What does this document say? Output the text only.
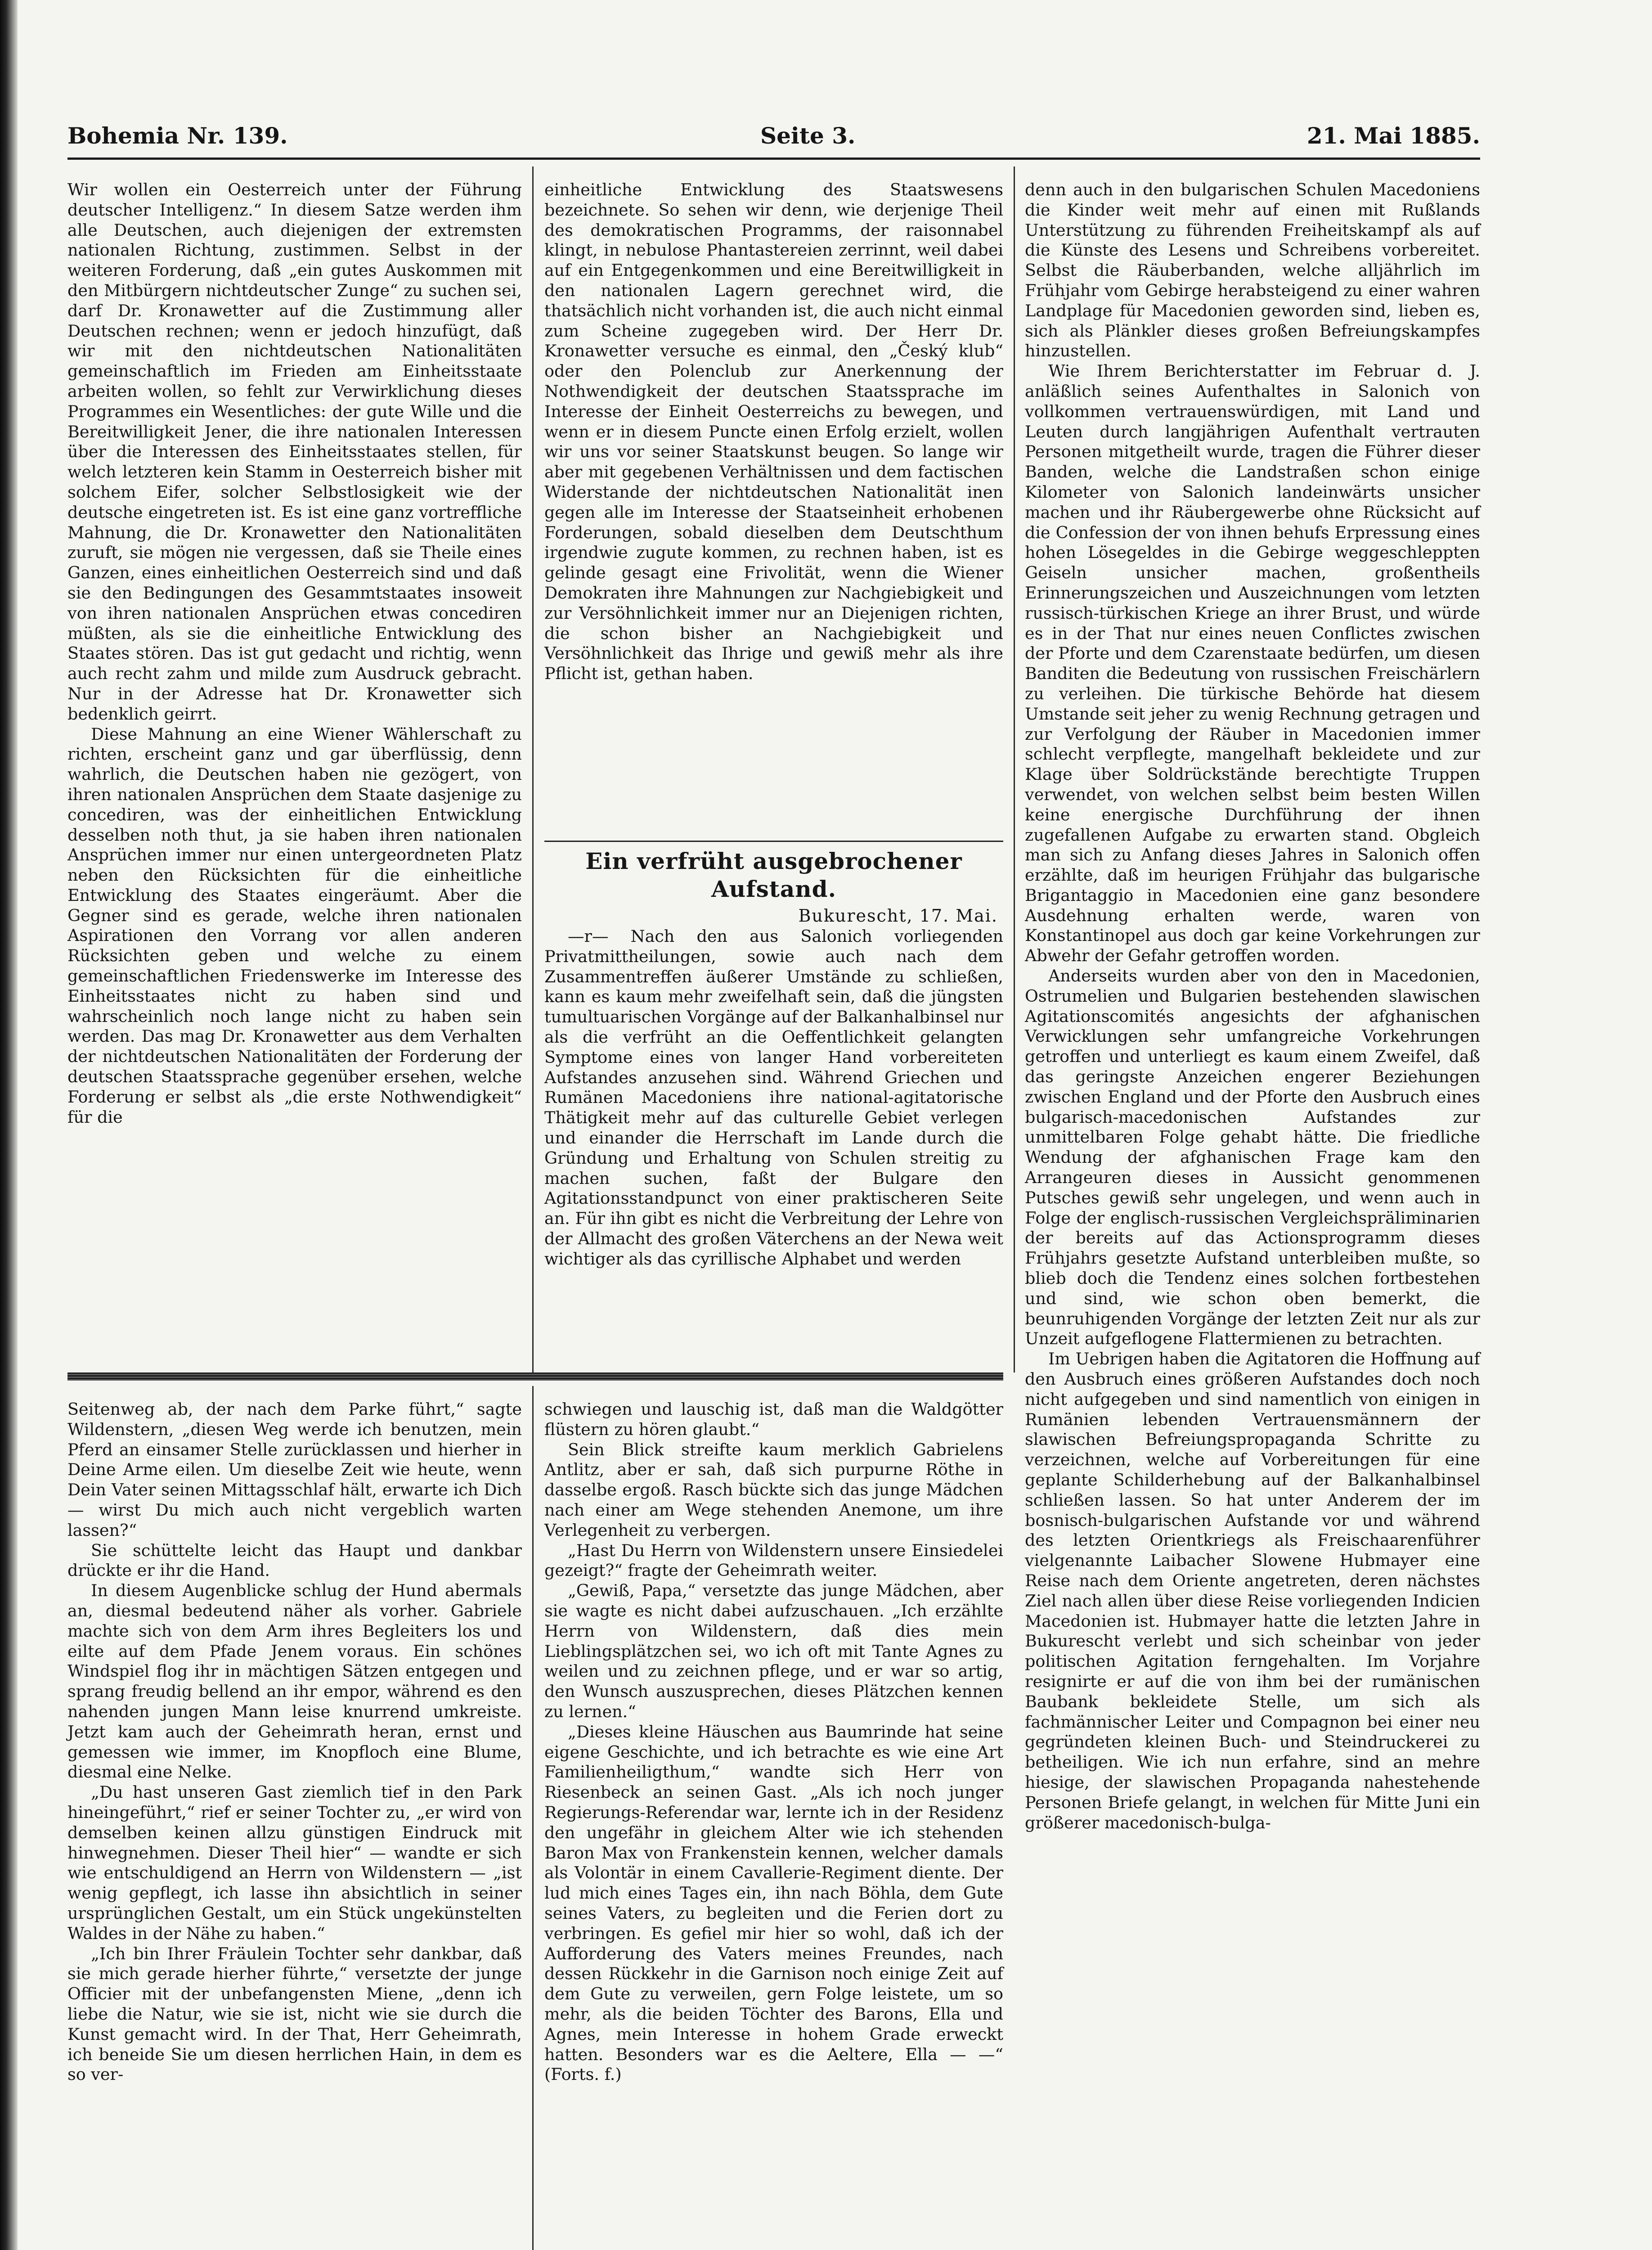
Bohemia Nr. 139.	Seite 3.	21. Mai 1885.

Wir wollen ein Oesterreich unter der Führung deutscher Intelligenz.“ In diesem Satze werden ihm alle Deutschen, auch diejenigen der extremsten nationalen Richtung, zustimmen. Selbst in der weiteren Forderung, daß „ein gutes Auskommen mit den Mitbürgern nichtdeutscher Zunge“ zu suchen sei, darf Dr. Kronawetter auf die Zustimmung aller Deutschen rechnen; wenn er jedoch hinzufügt, daß wir mit den nichtdeutschen Nationalitäten gemeinschaftlich im Frieden am Einheitsstaate arbeiten wollen, so fehlt zur Verwirklichung dieses Programmes ein Wesentliches: der gute Wille und die Bereitwilligkeit Jener, die ihre nationalen Interessen über die Interessen des Einheitsstaates stellen, für welch letzteren kein Stamm in Oesterreich bisher mit solchem Eifer, solcher Selbstlosigkeit wie der deutsche eingetreten ist. Es ist eine ganz vortreffliche Mahnung, die Dr. Kronawetter den Nationalitäten zuruft, sie mögen nie vergessen, daß sie Theile eines Ganzen, eines einheitlichen Oesterreich sind und daß sie den Bedingungen des Gesammtstaates insoweit von ihren nationalen Ansprüchen etwas concediren müßten, als sie die einheitliche Entwicklung des Staates stören. Das ist gut gedacht und richtig, wenn auch recht zahm und milde zum Ausdruck gebracht. Nur in der Adresse hat Dr. Kronawetter sich bedenklich geirrt.

Diese Mahnung an eine Wiener Wählerschaft zu richten, erscheint ganz und gar überflüssig, denn wahrlich, die Deutschen haben nie gezögert, von ihren nationalen Ansprüchen dem Staate dasjenige zu concediren, was der einheitlichen Entwicklung desselben noth thut, ja sie haben ihren nationalen Ansprüchen immer nur einen untergeordneten Platz neben den Rücksichten für die einheitliche Entwicklung des Staates eingeräumt. Aber die Gegner sind es gerade, welche ihren nationalen Aspirationen den Vorrang vor allen anderen Rücksichten geben und welche zu einem gemeinschaftlichen Friedenswerke im Interesse des Einheitsstaates nicht zu haben sind und wahrscheinlich noch lange nicht zu haben sein werden. Das mag Dr. Kronawetter aus dem Verhalten der nichtdeutschen Nationalitäten der Forderung der deutschen Staatssprache gegenüber ersehen, welche Forderung er selbst als „die erste Nothwendigkeit“ für die

einheitliche Entwicklung des Staatswesens bezeichnete. So sehen wir denn, wie derjenige Theil des demokratischen Programms, der raisonnabel klingt, in nebulose Phantastereien zerrinnt, weil dabei auf ein Entgegenkommen und eine Bereitwilligkeit in den nationalen Lagern gerechnet wird, die thatsächlich nicht vorhanden ist, die auch nicht einmal zum Scheine zugegeben wird. Der Herr Dr. Kronawetter versuche es einmal, den „Český klub“ oder den Polenclub zur Anerkennung der Nothwendigkeit der deutschen Staatssprache im Interesse der Einheit Oesterreichs zu bewegen, und wenn er in diesem Puncte einen Erfolg erzielt, wollen wir uns vor seiner Staatskunst beugen. So lange wir aber mit gegebenen Verhältnissen und dem factischen Widerstande der nichtdeutschen Nationalität inen gegen alle im Interesse der Staatseinheit erhobenen Forderungen, sobald dieselben dem Deutschthum irgendwie zugute kommen, zu rechnen haben, ist es gelinde gesagt eine Frivolität, wenn die Wiener Demokraten ihre Mahnungen zur Nachgiebigkeit und zur Versöhnlichkeit immer nur an Diejenigen richten, die schon bisher an Nachgiebigkeit und Versöhnlichkeit das Ihrige und gewiß mehr als ihre Pflicht ist, gethan haben.

Ein verfrüht ausgebrochener Aufstand.
Bukurescht, 17. Mai.

—r— Nach den aus Salonich vorliegenden Privatmittheilungen, sowie auch nach dem Zusammentreffen äußerer Umstände zu schließen, kann es kaum mehr zweifelhaft sein, daß die jüngsten tumultuarischen Vorgänge auf der Balkanhalbinsel nur als die verfrüht an die Oeffentlichkeit gelangten Symptome eines von langer Hand vorbereiteten Aufstandes anzusehen sind. Während Griechen und Rumänen Macedoniens ihre national-agitatorische Thätigkeit mehr auf das culturelle Gebiet verlegen und einander die Herrschaft im Lande durch die Gründung und Erhaltung von Schulen streitig zu machen suchen, faßt der Bulgare den Agitationsstandpunct von einer praktischeren Seite an. Für ihn gibt es nicht die Verbreitung der Lehre von der Allmacht des großen Väterchens an der Newa weit wichtiger als das cyrillische Alphabet und werden

denn auch in den bulgarischen Schulen Macedoniens die Kinder weit mehr auf einen mit Rußlands Unterstützung zu führenden Freiheitskampf als auf die Künste des Lesens und Schreibens vorbereitet. Selbst die Räuberbanden, welche alljährlich im Frühjahr vom Gebirge herabsteigend zu einer wahren Landplage für Macedonien geworden sind, lieben es, sich als Plänkler dieses großen Befreiungskampfes hinzustellen.

Wie Ihrem Berichterstatter im Februar d. J. anläßlich seines Aufenthaltes in Salonich von vollkommen vertrauenswürdigen, mit Land und Leuten durch langjährigen Aufenthalt vertrauten Personen mitgetheilt wurde, tragen die Führer dieser Banden, welche die Landstraßen schon einige Kilometer von Salonich landeinwärts unsicher machen und ihr Räubergewerbe ohne Rücksicht auf die Confession der von ihnen behufs Erpressung eines hohen Lösegeldes in die Gebirge weggeschleppten Geiseln unsicher machen, großentheils Erinnerungszeichen und Auszeichnungen vom letzten russisch-türkischen Kriege an ihrer Brust, und würde es in der That nur eines neuen Conflictes zwischen der Pforte und dem Czarenstaate bedürfen, um diesen Banditen die Bedeutung von russischen Freischärlern zu verleihen. Die türkische Behörde hat diesem Umstande seit jeher zu wenig Rechnung getragen und zur Verfolgung der Räuber in Macedonien immer schlecht verpflegte, mangelhaft bekleidete und zur Klage über Soldrückstände berechtigte Truppen verwendet, von welchen selbst beim besten Willen keine energische Durchführung der ihnen zugefallenen Aufgabe zu erwarten stand. Obgleich man sich zu Anfang dieses Jahres in Salonich offen erzählte, daß im heurigen Frühjahr das bulgarische Brigantaggio in Macedonien eine ganz besondere Ausdehnung erhalten werde, waren von Konstantinopel aus doch gar keine Vorkehrungen zur Abwehr der Gefahr getroffen worden.

Anderseits wurden aber von den in Macedonien, Ostrumelien und Bulgarien bestehenden slawischen Agitationscomités angesichts der afghanischen Verwicklungen sehr umfangreiche Vorkehrungen getroffen und unterliegt es kaum einem Zweifel, daß das geringste Anzeichen engerer Beziehungen zwischen England und der Pforte den Ausbruch eines bulgarisch-macedonischen Aufstandes zur unmittelbaren Folge gehabt hätte. Die friedliche Wendung der afghanischen Frage kam den Arrangeuren dieses in Aussicht genommenen Putsches gewiß sehr ungelegen, und wenn auch in Folge der englisch-russischen Vergleichspräliminarien der bereits auf das Actionsprogramm dieses Frühjahrs gesetzte Aufstand unterbleiben mußte, so blieb doch die Tendenz eines solchen fortbestehen und sind, wie schon oben bemerkt, die beunruhigenden Vorgänge der letzten Zeit nur als zur Unzeit aufgeflogene Flattermienen zu betrachten.

Im Uebrigen haben die Agitatoren die Hoffnung auf den Ausbruch eines größeren Aufstandes doch noch nicht aufgegeben und sind namentlich von einigen in Rumänien lebenden Vertrauensmännern der slawischen Befreiungspropaganda Schritte zu verzeichnen, welche auf Vorbereitungen für eine geplante Schilderhebung auf der Balkanhalbinsel schließen lassen. So hat unter Anderem der im bosnisch-bulgarischen Aufstande vor und während des letzten Orientkriegs als Freischaarenführer vielgenannte Laibacher Slowene Hubmayer eine Reise nach dem Oriente angetreten, deren nächstes Ziel nach allen über diese Reise vorliegenden Indicien Macedonien ist. Hubmayer hatte die letzten Jahre in Bukurescht verlebt und sich scheinbar von jeder politischen Agitation ferngehalten. Im Vorjahre resignirte er auf die von ihm bei der rumänischen Baubank bekleidete Stelle, um sich als fachmännischer Leiter und Compagnon bei einer neu gegründeten kleinen Buch- und Steindruckerei zu betheiligen. Wie ich nun erfahre, sind an mehre hiesige, der slawischen Propaganda nahestehende Personen Briefe gelangt, in welchen für Mitte Juni ein größerer macedonisch-bulga-

Seitenweg ab, der nach dem Parke führt,“ sagte Wildenstern, „diesen Weg werde ich benutzen, mein Pferd an einsamer Stelle zurücklassen und hierher in Deine Arme eilen. Um dieselbe Zeit wie heute, wenn Dein Vater seinen Mittagsschlaf hält, erwarte ich Dich — wirst Du mich auch nicht vergeblich warten lassen?“

Sie schüttelte leicht das Haupt und dankbar drückte er ihr die Hand.

In diesem Augenblicke schlug der Hund abermals an, diesmal bedeutend näher als vorher. Gabriele machte sich von dem Arm ihres Begleiters los und eilte auf dem Pfade Jenem voraus. Ein schönes Windspiel flog ihr in mächtigen Sätzen entgegen und sprang freudig bellend an ihr empor, während es den nahenden jungen Mann leise knurrend umkreiste. Jetzt kam auch der Geheimrath heran, ernst und gemessen wie immer, im Knopfloch eine Blume, diesmal eine Nelke.

„Du hast unseren Gast ziemlich tief in den Park hineingeführt,“ rief er seiner Tochter zu, „er wird von demselben keinen allzu günstigen Eindruck mit hinwegnehmen. Dieser Theil hier“ — wandte er sich wie entschuldigend an Herrn von Wildenstern — „ist wenig gepflegt, ich lasse ihn absichtlich in seiner ursprünglichen Gestalt, um ein Stück ungekünstelten Waldes in der Nähe zu haben.“

„Ich bin Ihrer Fräulein Tochter sehr dankbar, daß sie mich gerade hierher führte,“ versetzte der junge Officier mit der unbefangensten Miene, „denn ich liebe die Natur, wie sie ist, nicht wie sie durch die Kunst gemacht wird. In der That, Herr Geheimrath, ich beneide Sie um diesen herrlichen Hain, in dem es so ver-

schwiegen und lauschig ist, daß man die Waldgötter flüstern zu hören glaubt.“

Sein Blick streifte kaum merklich Gabrielens Antlitz, aber er sah, daß sich purpurne Röthe in dasselbe ergoß. Rasch bückte sich das junge Mädchen nach einer am Wege stehenden Anemone, um ihre Verlegenheit zu verbergen.

„Hast Du Herrn von Wildenstern unsere Einsiedelei gezeigt?“ fragte der Geheimrath weiter.

„Gewiß, Papa,“ versetzte das junge Mädchen, aber sie wagte es nicht dabei aufzuschauen. „Ich erzählte Herrn von Wildenstern, daß dies mein Lieblingsplätzchen sei, wo ich oft mit Tante Agnes zu weilen und zu zeichnen pflege, und er war so artig, den Wunsch auszusprechen, dieses Plätzchen kennen zu lernen.“

„Dieses kleine Häuschen aus Baumrinde hat seine eigene Geschichte, und ich betrachte es wie eine Art Familienheiligthum,“ wandte sich Herr von Riesenbeck an seinen Gast. „Als ich noch junger Regierungs-Referendar war, lernte ich in der Residenz den ungefähr in gleichem Alter wie ich stehenden Baron Max von Frankenstein kennen, welcher damals als Volontär in einem Cavallerie-Regiment diente. Der lud mich eines Tages ein, ihn nach Böhla, dem Gute seines Vaters, zu begleiten und die Ferien dort zu verbringen. Es gefiel mir hier so wohl, daß ich der Aufforderung des Vaters meines Freundes, nach dessen Rückkehr in die Garnison noch einige Zeit auf dem Gute zu verweilen, gern Folge leistete, um so mehr, als die beiden Töchter des Barons, Ella und Agnes, mein Interesse in hohem Grade erweckt hatten. Besonders war es die Aeltere, Ella — —“ (Forts. f.)
